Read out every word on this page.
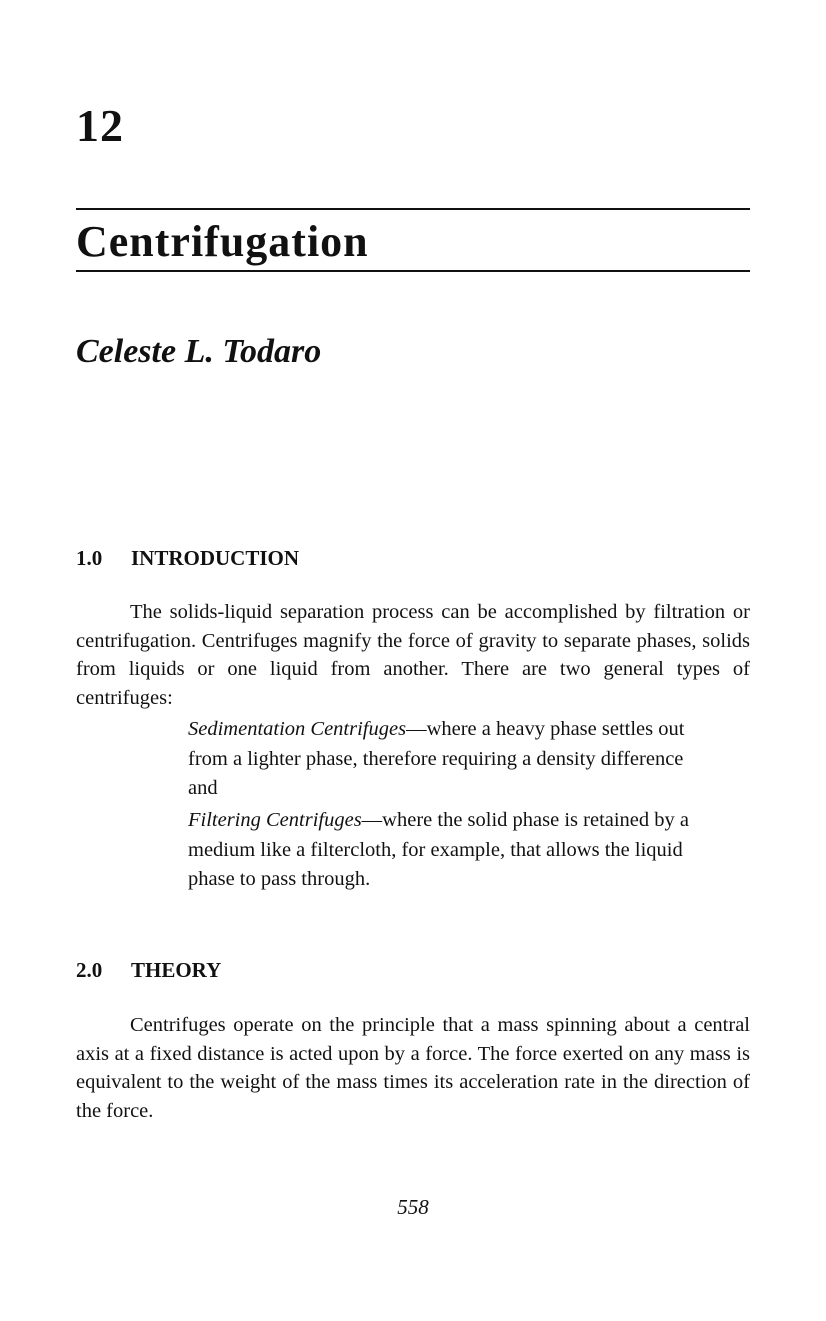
12
Centrifugation
Celeste L. Todaro
1.0 INTRODUCTION

The solids-liquid separation process can be accomplished by filtration or centrifugation. Centrifuges magnify the force of gravity to separate phases, solids from liquids or one liquid from another. There are two general types of centrifuges:

Sedimentation Centrifuges—where a heavy phase settles out from a lighter phase, therefore requiring a density difference and
Filtering Centrifuges—where the solid phase is retained by a medium like a filtercloth, for example, that allows the liquid phase to pass through.
2.0 THEORY

Centrifuges operate on the principle that a mass spinning about a central axis at a fixed distance is acted upon by a force. The force exerted on any mass is equivalent to the weight of the mass times its acceleration rate in the direction of the force.

558
